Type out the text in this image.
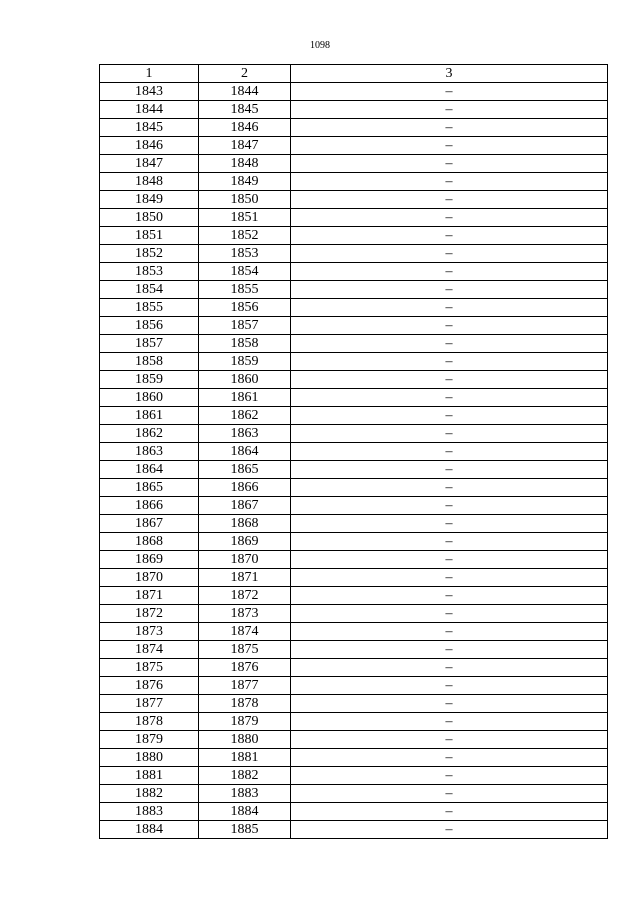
1098
1	2	3
1843	1844	–
1844	1845	–
1845	1846	–
1846	1847	–
1847	1848	–
1848	1849	–
1849	1850	–
1850	1851	–
1851	1852	–
1852	1853	–
1853	1854	–
1854	1855	–
1855	1856	–
1856	1857	–
1857	1858	–
1858	1859	–
1859	1860	–
1860	1861	–
1861	1862	–
1862	1863	–
1863	1864	–
1864	1865	–
1865	1866	–
1866	1867	–
1867	1868	–
1868	1869	–
1869	1870	–
1870	1871	–
1871	1872	–
1872	1873	–
1873	1874	–
1874	1875	–
1875	1876	–
1876	1877	–
1877	1878	–
1878	1879	–
1879	1880	–
1880	1881	–
1881	1882	–
1882	1883	–
1883	1884	–
1884	1885	–
